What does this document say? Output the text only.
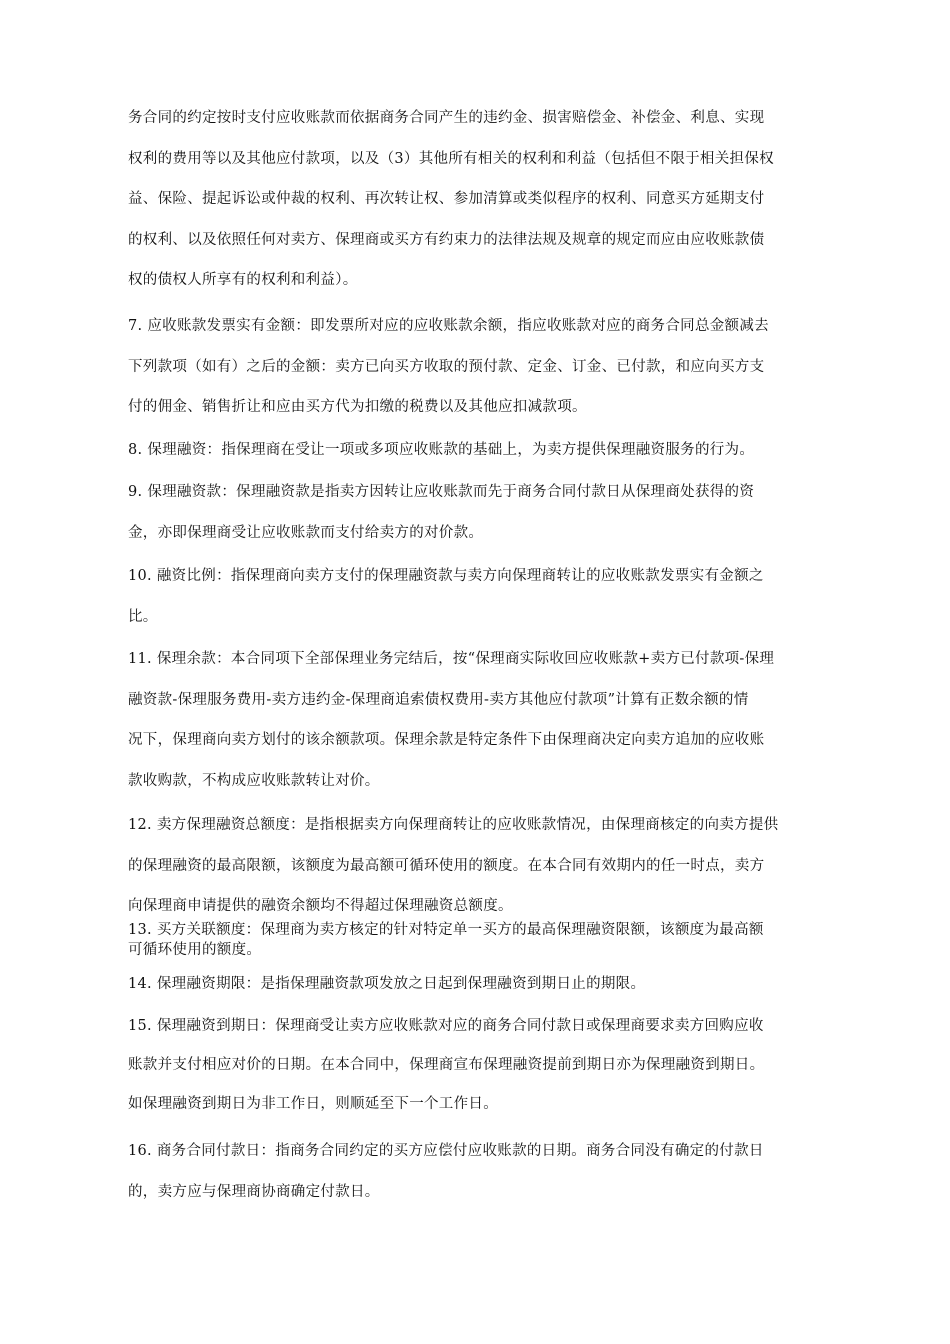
务合同的约定按时支付应收账款而依据商务合同产生的违约金、损害赔偿金、补偿金、利息、实现
权利的费用等以及其他应付款项，以及（3）其他所有相关的权利和利益（包括但不限于相关担保权
益、保险、提起诉讼或仲裁的权利、再次转让权、参加清算或类似程序的权利、同意买方延期支付
的权利、以及依照任何对卖方、保理商或买方有约束力的法律法规及规章的规定而应由应收账款债
权的债权人所享有的权利和利益）。

7. 应收账款发票实有金额：即发票所对应的应收账款余额，指应收账款对应的商务合同总金额减去
下列款项（如有）之后的金额：卖方已向买方收取的预付款、定金、订金、已付款，和应向买方支
付的佣金、销售折让和应由买方代为扣缴的税费以及其他应扣减款项。

8. 保理融资：指保理商在受让一项或多项应收账款的基础上，为卖方提供保理融资服务的行为。

9. 保理融资款：保理融资款是指卖方因转让应收账款而先于商务合同付款日从保理商处获得的资
金，亦即保理商受让应收账款而支付给卖方的对价款。

10. 融资比例：指保理商向卖方支付的保理融资款与卖方向保理商转让的应收账款发票实有金额之
比。

11. 保理余款：本合同项下全部保理业务完结后，按“保理商实际收回应收账款+卖方已付款项-保理
融资款-保理服务费用-卖方违约金-保理商追索债权费用-卖方其他应付款项”计算有正数余额的情
况下，保理商向卖方划付的该余额款项。保理余款是特定条件下由保理商决定向卖方追加的应收账
款收购款，不构成应收账款转让对价。

12. 卖方保理融资总额度：是指根据卖方向保理商转让的应收账款情况，由保理商核定的向卖方提供
的保理融资的最高限额，该额度为最高额可循环使用的额度。在本合同有效期内的任一时点，卖方
向保理商申请提供的融资余额均不得超过保理融资总额度。

13. 买方关联额度：保理商为卖方核定的针对特定单一买方的最高保理融资限额，该额度为最高额
可循环使用的额度。

14. 保理融资期限：是指保理融资款项发放之日起到保理融资到期日止的期限。

15. 保理融资到期日：保理商受让卖方应收账款对应的商务合同付款日或保理商要求卖方回购应收
账款并支付相应对价的日期。在本合同中，保理商宣布保理融资提前到期日亦为保理融资到期日。
如保理融资到期日为非工作日，则顺延至下一个工作日。

16. 商务合同付款日：指商务合同约定的买方应偿付应收账款的日期。商务合同没有确定的付款日
的，卖方应与保理商协商确定付款日。
